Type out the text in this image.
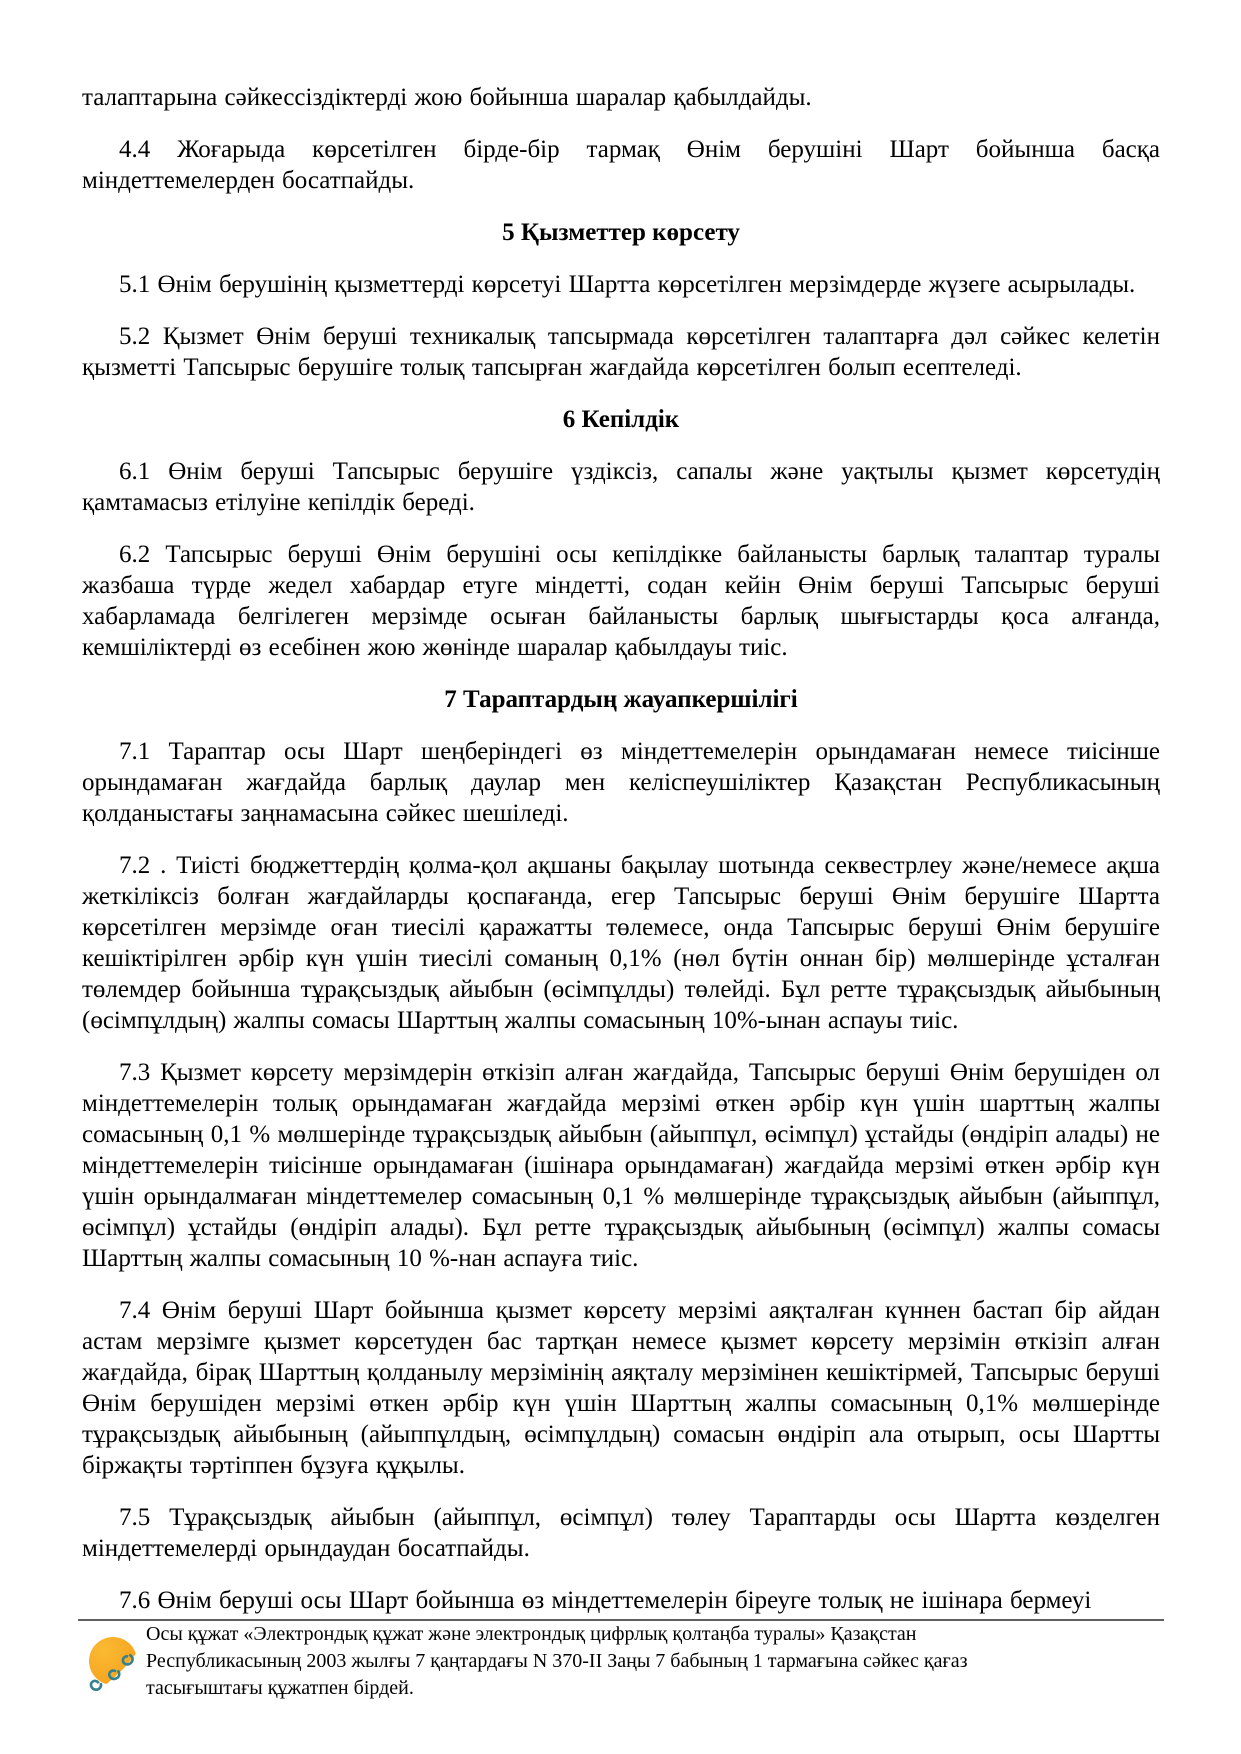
талаптарына сәйкессіздіктерді жою бойынша шаралар қабылдайды.

4.4 Жоғарыда көрсетілген бірде-бір тармақ Өнім берушіні Шарт бойынша басқа міндеттемелерден босатпайды.

5 Қызметтер көрсету

5.1 Өнім берушінің қызметтерді көрсетуі Шартта көрсетілген мерзімдерде жүзеге асырылады.

5.2 Қызмет Өнім беруші техникалық тапсырмада көрсетілген талаптарға дәл сәйкес келетін қызметті Тапсырыс берушіге толық тапсырған жағдайда көрсетілген болып есептеледі.

6 Кепілдік

6.1 Өнім беруші Тапсырыс берушіге үздіксіз, сапалы және уақтылы қызмет көрсетудің қамтамасыз етілуіне кепілдік береді.

6.2 Тапсырыс беруші Өнім берушіні осы кепілдікке байланысты барлық талаптар туралы жазбаша түрде жедел хабардар етуге міндетті, содан кейін Өнім беруші Тапсырыс беруші хабарламада белгілеген мерзімде осыған байланысты барлық шығыстарды қоса алғанда, кемшіліктерді өз есебінен жою жөнінде шаралар қабылдауы тиіс.

7 Тараптардың жауапкершілігі

7.1 Тараптар осы Шарт шеңберіндегі өз міндеттемелерін орындамаған немесе тиісінше орындамаған жағдайда барлық даулар мен келіспеушіліктер Қазақстан Республикасының қолданыстағы заңнамасына сәйкес шешіледі.

7.2 . Тиісті бюджеттердің қолма-қол ақшаны бақылау шотында секвестрлеу және/немесе ақша жеткіліксіз болған жағдайларды қоспағанда, егер Тапсырыс беруші Өнім берушіге Шартта көрсетілген мерзімде оған тиесілі қаражатты төлемесе, онда Тапсырыс беруші Өнім берушіге кешіктірілген әрбір күн үшін тиесілі соманың 0,1% (нөл бүтін оннан бір) мөлшерінде ұсталған төлемдер бойынша тұрақсыздық айыбын (өсімпұлды) төлейді. Бұл ретте тұрақсыздық айыбының (өсімпұлдың) жалпы сомасы Шарттың жалпы сомасының 10%-ынан аспауы тиіс.

7.3 Қызмет көрсету мерзімдерін өткізіп алған жағдайда, Тапсырыс беруші Өнім берушіден ол міндеттемелерін толық орындамаған жағдайда мерзімі өткен әрбір күн үшін шарттың жалпы сомасының 0,1 % мөлшерінде тұрақсыздық айыбын (айыппұл, өсімпұл) ұстайды (өндіріп алады) не міндеттемелерін тиісінше орындамаған (ішінара орындамаған) жағдайда мерзімі өткен әрбір күн үшін орындалмаған міндеттемелер сомасының 0,1 % мөлшерінде тұрақсыздық айыбын (айыппұл, өсімпұл) ұстайды (өндіріп алады). Бұл ретте тұрақсыздық айыбының (өсімпұл) жалпы сомасы Шарттың жалпы сомасының 10 %-нан аспауға тиіс.

7.4 Өнім беруші Шарт бойынша қызмет көрсету мерзімі аяқталған күннен бастап бір айдан астам мерзімге қызмет көрсетуден бас тартқан немесе қызмет көрсету мерзімін өткізіп алған жағдайда, бірақ Шарттың қолданылу мерзімінің аяқталу мерзімінен кешіктірмей, Тапсырыс беруші Өнім берушіден мерзімі өткен әрбір күн үшін Шарттың жалпы сомасының 0,1% мөлшерінде тұрақсыздық айыбының (айыппұлдың, өсімпұлдың) сомасын өндіріп ала отырып, осы Шартты біржақты тәртіппен бұзуға құқылы.

7.5 Тұрақсыздық айыбын (айыппұл, өсімпұл) төлеу Тараптарды осы Шартта көзделген міндеттемелерді орындаудан босатпайды.

7.6 Өнім беруші осы Шарт бойынша өз міндеттемелерін біреуге толық не ішінара бермеуі

Осы құжат «Электрондық құжат және электрондық цифрлық қолтаңба туралы» Қазақстан
Республикасының 2003 жылғы 7 қаңтардағы N 370-II Заңы 7 бабының 1 тармағына сәйкес қағаз
тасығыштағы құжатпен бірдей.
